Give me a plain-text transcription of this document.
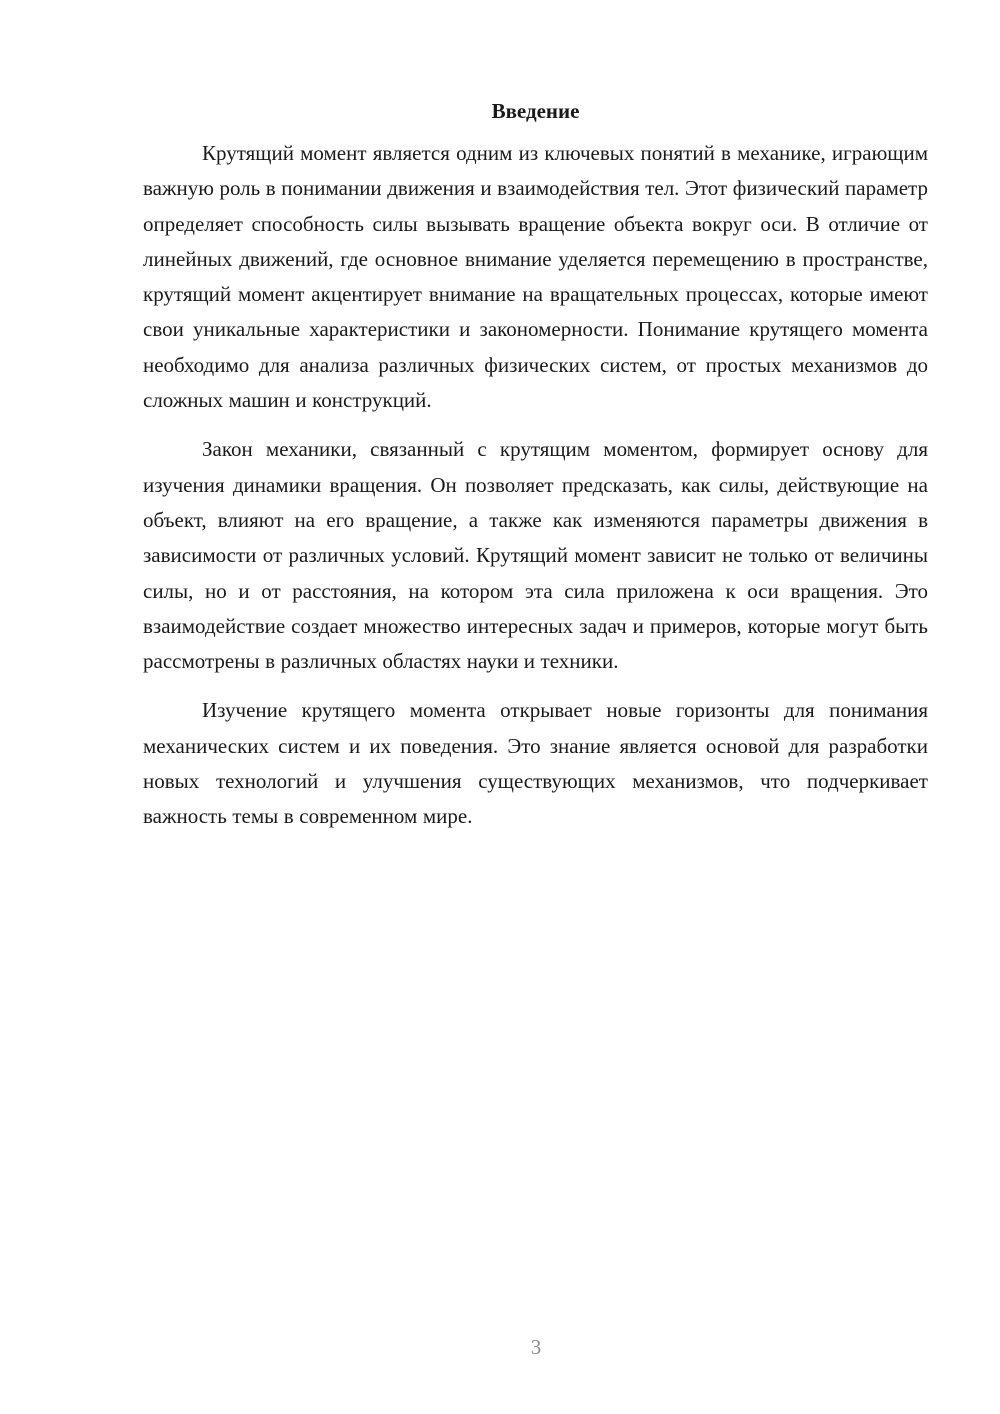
Введение

Крутящий момент является одним из ключевых понятий в механике, играющим важную роль в понимании движения и взаимодействия тел. Этот физический параметр определяет способность силы вызывать вращение объекта вокруг оси. В отличие от линейных движений, где основное внимание уделяется перемещению в пространстве, крутящий момент акцентирует внимание на вращательных процессах, которые имеют свои уникальные характеристики и закономерности. Понимание крутящего момента необходимо для анализа различных физических систем, от простых механизмов до сложных машин и конструкций.

Закон механики, связанный с крутящим моментом, формирует основу для изучения динамики вращения. Он позволяет предсказать, как силы, действующие на объект, влияют на его вращение, а также как изменяются параметры движения в зависимости от различных условий. Крутящий момент зависит не только от величины силы, но и от расстояния, на котором эта сила приложена к оси вращения. Это взаимодействие создает множество интересных задач и примеров, которые могут быть рассмотрены в различных областях науки и техники.

Изучение крутящего момента открывает новые горизонты для понимания механических систем и их поведения. Это знание является основой для разработки новых технологий и улучшения существующих механизмов, что подчеркивает важность темы в современном мире.

3
